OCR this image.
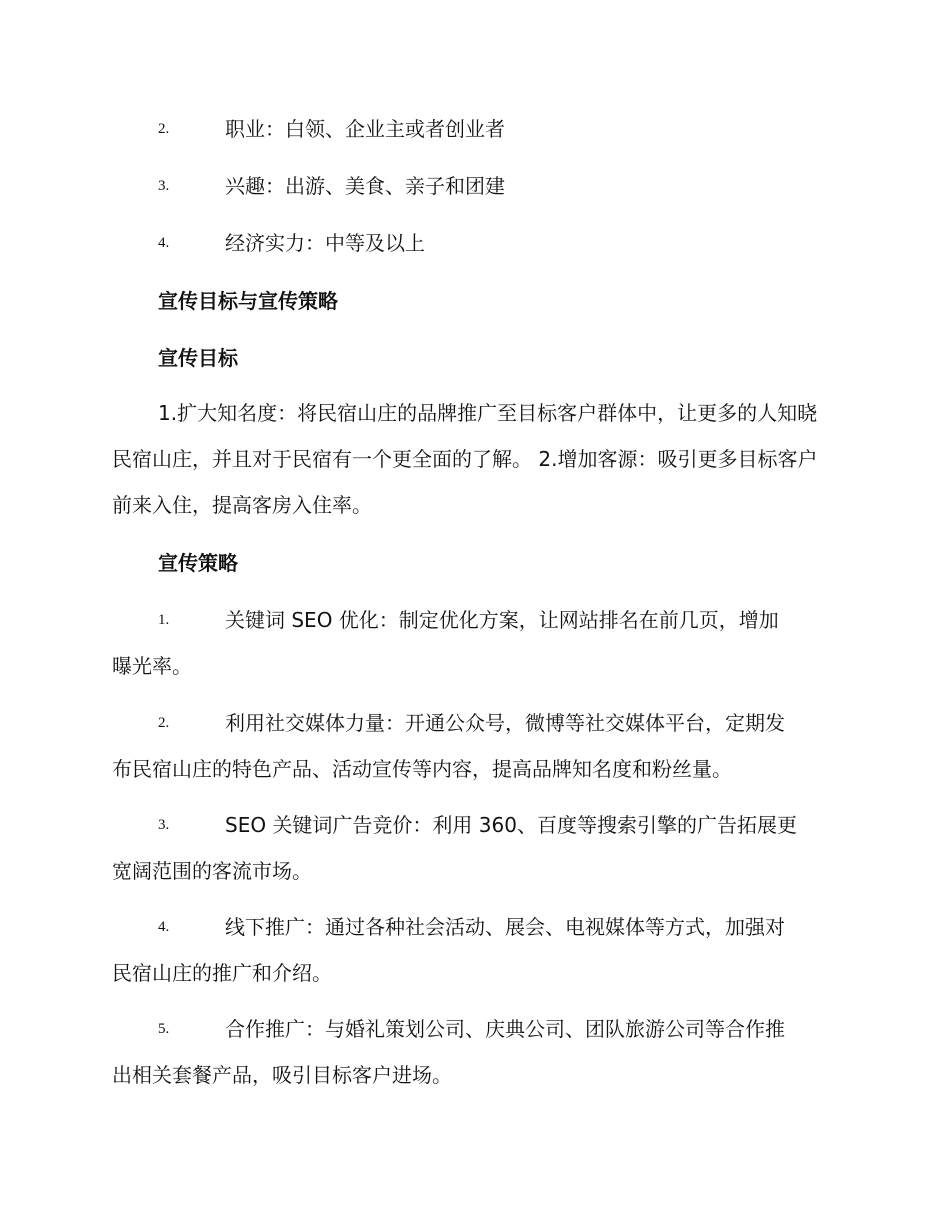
2.	职业：白领、企业主或者创业者
3.	兴趣：出游、美食、亲子和团建
4.	经济实力：中等及以上
宣传目标与宣传策略
宣传目标

1.扩大知名度：将民宿山庄的品牌推广至目标客户群体中，让更多的人知晓民宿山庄，并且对于民宿有一个更全面的了解。 2.增加客源：吸引更多目标客户前来入住，提高客房入住率。

宣传策略
1.	关键词 SEO 优化：制定优化方案，让网站排名在前几页，增加
曝光率。
2.	利用社交媒体力量：开通公众号，微博等社交媒体平台，定期发
布民宿山庄的特色产品、活动宣传等内容，提高品牌知名度和粉丝量。
3.	SEO 关键词广告竞价：利用 360、百度等搜索引擎的广告拓展更
宽阔范围的客流市场。
4.	线下推广：通过各种社会活动、展会、电视媒体等方式，加强对
民宿山庄的推广和介绍。
5.	合作推广：与婚礼策划公司、庆典公司、团队旅游公司等合作推
出相关套餐产品，吸引目标客户进场。
